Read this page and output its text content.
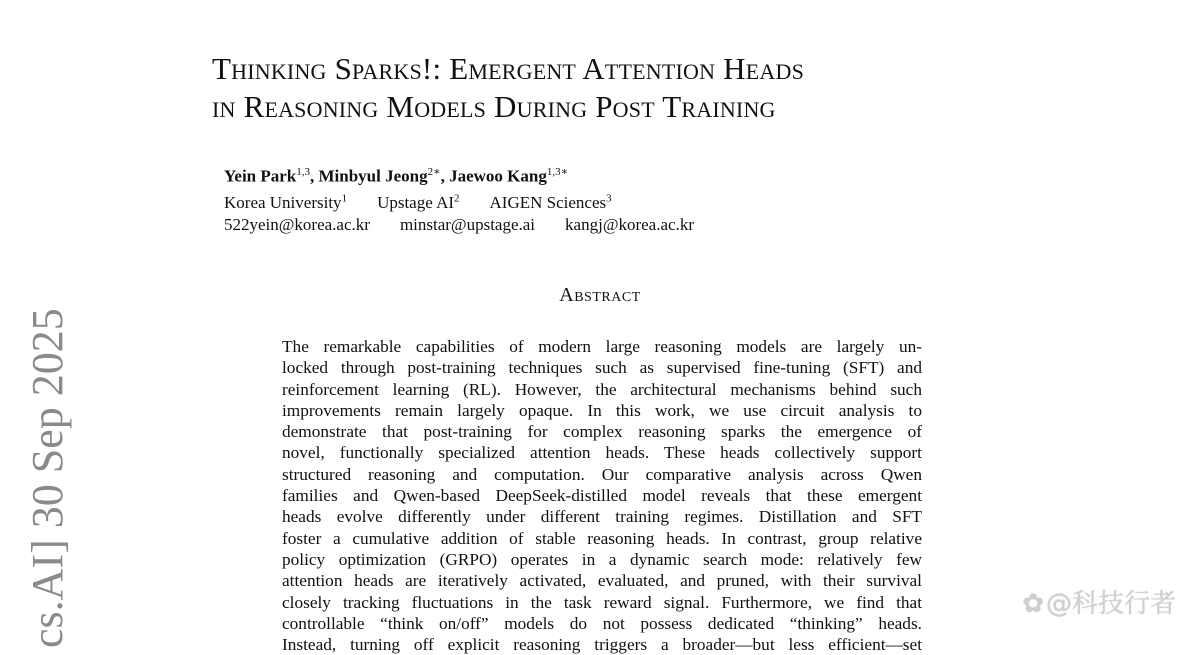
Thinking Sparks!: Emergent Attention Heads
in Reasoning Models During Post Training
Yein Park$^{1,3}$, Minbyul Jeong$^{2∗}$, Jaewoo Kang$^{1,3∗}$
Korea University$^1$ Upstage $AI^2$ AIGEN Sciences$^3$
522yein@korea.ac.kr minstar@upstage.ai kangj@korea.ac.kr
Abstract
The remarkable capabilities of modern large reasoning models are largely un-
locked through post-training techniques such as supervised fine-tuning (SFT) and
reinforcement learning (RL). However, the architectural mechanisms behind such
improvements remain largely opaque. In this work, we use circuit analysis to
demonstrate that post-training for complex reasoning sparks the emergence of
novel, functionally specialized attention heads. These heads collectively support
structured reasoning and computation. Our comparative analysis across Qwen
families and Qwen-based DeepSeek-distilled model reveals that these emergent
heads evolve differently under different training regimes. Distillation and SFT
foster a cumulative addition of stable reasoning heads. In contrast, group relative
policy optimization (GRPO) operates in a dynamic search mode: relatively few
attention heads are iteratively activated, evaluated, and pruned, with their survival
closely tracking fluctuations in the task reward signal. Furthermore, we find that
controllable “think on/off” models do not possess dedicated “thinking” heads.
Instead, turning off explicit reasoning triggers a broader—but less efficient—set
cs.AI] 30 Sep 2025	✿@科技行者
